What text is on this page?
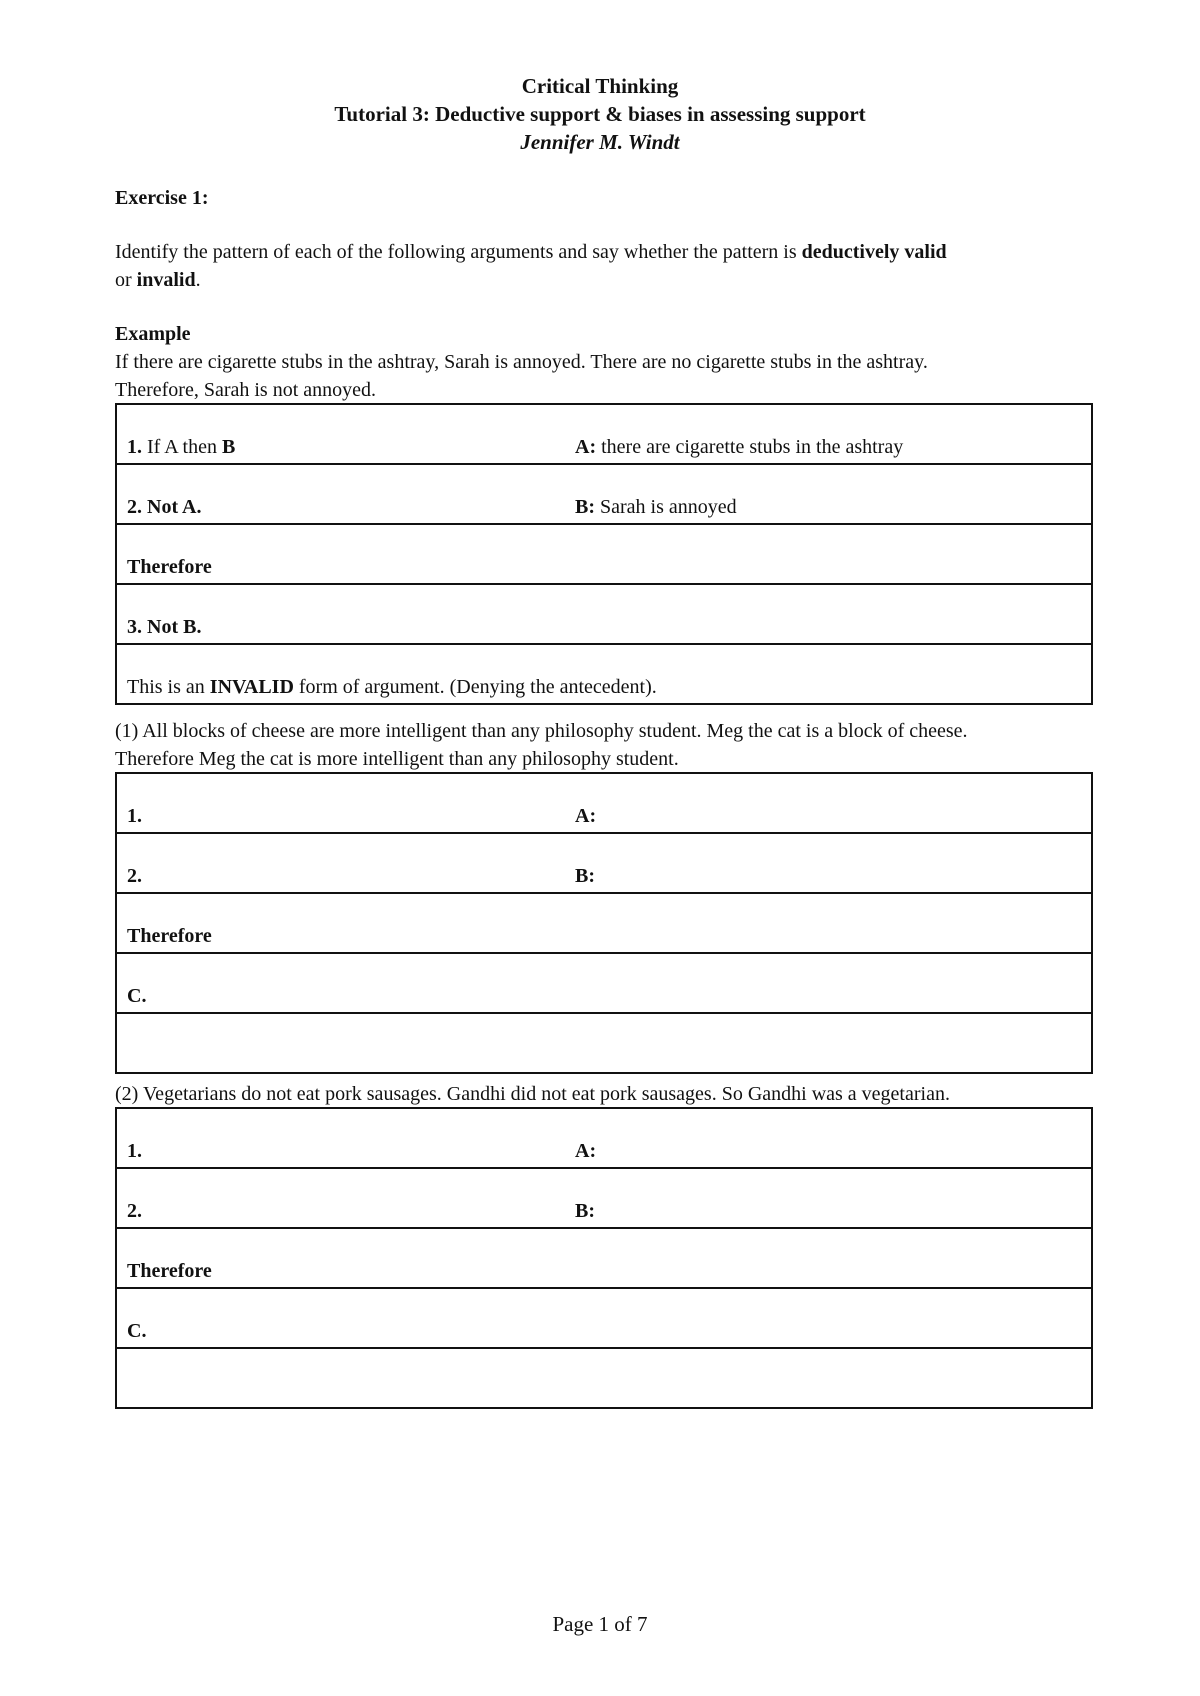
Critical Thinking
Tutorial 3: Deductive support & biases in assessing support
Jennifer M. Windt
Exercise 1:
Identify the pattern of each of the following arguments and say whether the pattern is deductively valid
or invalid.
Example
If there are cigarette stubs in the ashtray, Sarah is annoyed. There are no cigarette stubs in the ashtray.
Therefore, Sarah is not annoyed.
1. If A then B	A: there are cigarette stubs in the ashtray
2. Not A.	B: Sarah is annoyed
Therefore	
3. Not B.	
This is an INVALID form of argument. (Denying the antecedent).	
(1) All blocks of cheese are more intelligent than any philosophy student. Meg the cat is a block of cheese.
Therefore Meg the cat is more intelligent than any philosophy student.
1.	A:
2.	B:
Therefore	
C.	

(2) Vegetarians do not eat pork sausages. Gandhi did not eat pork sausages. So Gandhi was a vegetarian.
1.	A:
2.	B:
Therefore	
C.	

Page 1 of 7
